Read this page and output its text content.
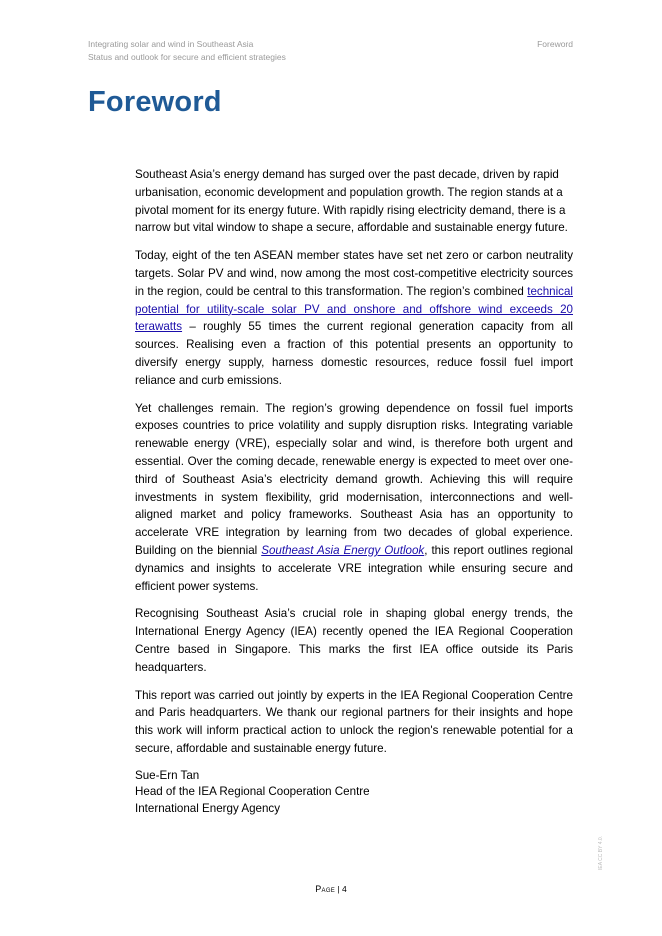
Integrating solar and wind in Southeast Asia
Status and outlook for secure and efficient strategies
Foreword
Foreword

Southeast Asia’s energy demand has surged over the past decade, driven by rapid urbanisation, economic development and population growth. The region stands at a pivotal moment for its energy future. With rapidly rising electricity demand, there is a narrow but vital window to shape a secure, affordable and sustainable energy future.

Today, eight of the ten ASEAN member states have set net zero or carbon neutrality targets. Solar PV and wind, now among the most cost-competitive electricity sources in the region, could be central to this transformation. The region’s combined technical potential for utility-scale solar PV and onshore and offshore wind exceeds 20 terawatts – roughly 55 times the current regional generation capacity from all sources. Realising even a fraction of this potential presents an opportunity to diversify energy supply, harness domestic resources, reduce fossil fuel import reliance and curb emissions.

Yet challenges remain. The region’s growing dependence on fossil fuel imports exposes countries to price volatility and supply disruption risks. Integrating variable renewable energy (VRE), especially solar and wind, is therefore both urgent and essential. Over the coming decade, renewable energy is expected to meet over one-third of Southeast Asia’s electricity demand growth. Achieving this will require investments in system flexibility, grid modernisation, interconnections and well-aligned market and policy frameworks. Southeast Asia has an opportunity to accelerate VRE integration by learning from two decades of global experience. Building on the biennial Southeast Asia Energy Outlook, this report outlines regional dynamics and insights to accelerate VRE integration while ensuring secure and efficient power systems.

Recognising Southeast Asia’s crucial role in shaping global energy trends, the International Energy Agency (IEA) recently opened the IEA Regional Cooperation Centre based in Singapore. This marks the first IEA office outside its Paris headquarters.

This report was carried out jointly by experts in the IEA Regional Cooperation Centre and Paris headquarters. We thank our regional partners for their insights and hope this work will inform practical action to unlock the region's renewable potential for a secure, affordable and sustainable energy future.

Sue-Ern Tan
Head of the IEA Regional Cooperation Centre
International Energy Agency
Page | 4
IEA CC BY 4.0.
